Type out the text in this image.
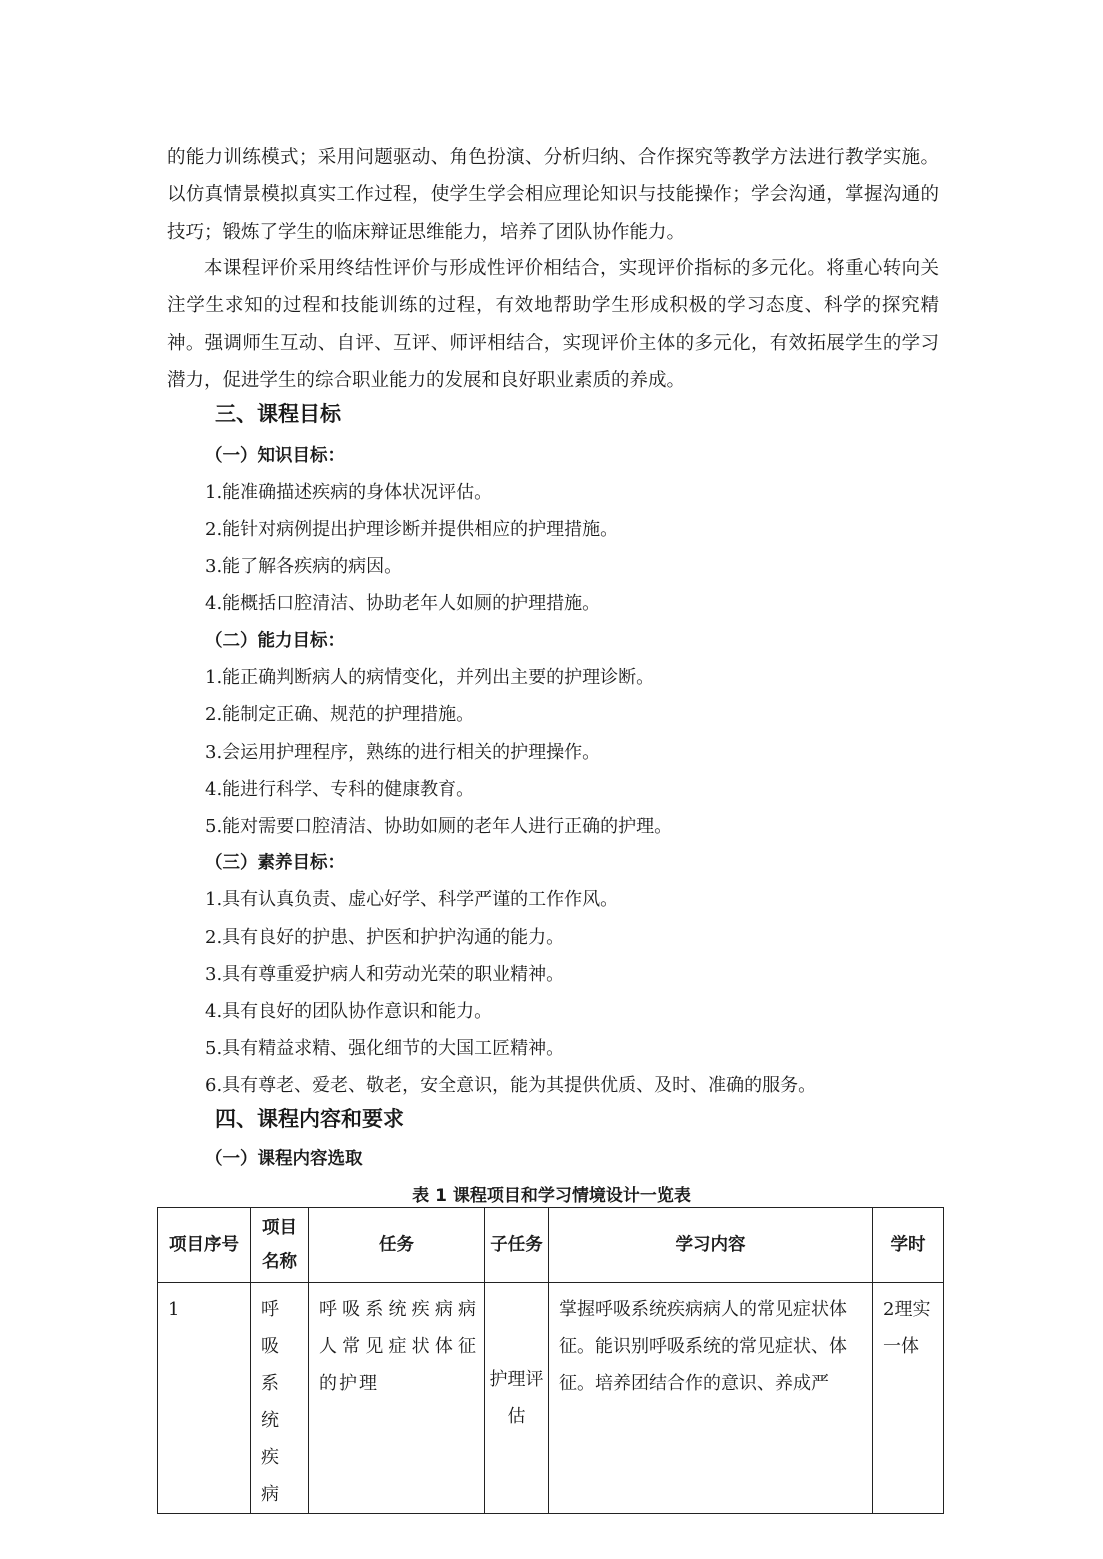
的能力训练模式；采用问题驱动、角色扮演、分析归纳、合作探究等教学方法进行教学实施。以仿真情景模拟真实工作过程，使学生学会相应理论知识与技能操作；学会沟通，掌握沟通的技巧；锻炼了学生的临床辩证思维能力，培养了团队协作能力。

本课程评价采用终结性评价与形成性评价相结合，实现评价指标的多元化。将重心转向关注学生求知的过程和技能训练的过程，有效地帮助学生形成积极的学习态度、科学的探究精神。强调师生互动、自评、互评、师评相结合，实现评价主体的多元化，有效拓展学生的学习潜力，促进学生的综合职业能力的发展和良好职业素质的养成。

三、课程目标
（一）知识目标：

1.能准确描述疾病的身体状况评估。

2.能针对病例提出护理诊断并提供相应的护理措施。

3.能了解各疾病的病因。

4.能概括口腔清洁、协助老年人如厕的护理措施。

（二）能力目标：

1.能正确判断病人的病情变化，并列出主要的护理诊断。

2.能制定正确、规范的护理措施。

3.会运用护理程序，熟练的进行相关的护理操作。

4.能进行科学、专科的健康教育。

5.能对需要口腔清洁、协助如厕的老年人进行正确的护理。

（三）素养目标：

1.具有认真负责、虚心好学、科学严谨的工作作风。

2.具有良好的护患、护医和护护沟通的能力。

3.具有尊重爱护病人和劳动光荣的职业精神。

4.具有良好的团队协作意识和能力。

5.具有精益求精、强化细节的大国工匠精神。

6.具有尊老、爱老、敬老，安全意识，能为其提供优质、及时、准确的服务。

四、课程内容和要求
（一）课程内容选取

表 1 课程项目和学习情境设计一览表

项目序号	项目名称	任务	子任务	学习内容	学时
1	呼吸系统疾病	呼吸系统疾病病人常见症状体征的护理	护理评估	掌握呼吸系统疾病病人的常见症状体征。能识别呼吸系统的常见症状、体征。培养团结合作的意识、养成严	2理实一体
